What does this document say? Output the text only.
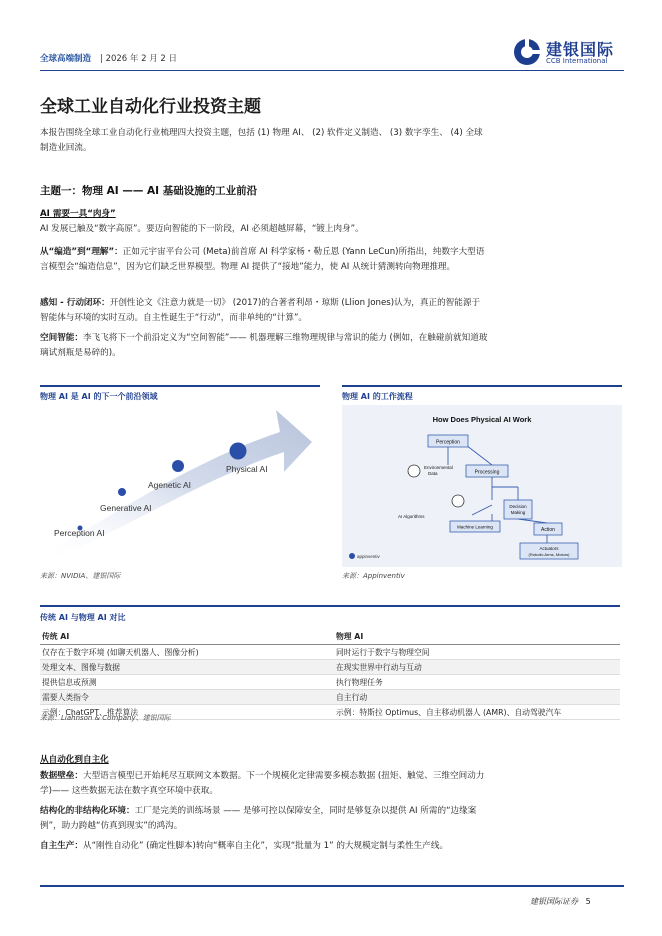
全球高端制造 | 2026 年 2 月 2 日	建银国际
CCB International
全球工业自动化行业投资主题
本报告围绕全球工业自动化行业梳理四大投资主题，包括 (1) 物理 AI、 (2) 软件定义制造、 (3) 数字孪生、 (4) 全球制造业回流。
主题一：物理 AI —— AI 基础设施的工业前沿
AI 需要一具“肉身”
AI 发展已触及“数字高原”。要迈向智能的下一阶段，AI 必须超越屏幕，“镀上肉身”。
从“编造”到“理解”：正如元宇宙平台公司 (Meta)前首席 AI 科学家杨・勒丘恩 (Yann LeCun)所指出，纯数字大型语言模型会“编造信息”，因为它们缺乏世界模型。物理 AI 提供了“接地”能力，使 AI 从统计猜测转向物理推理。
感知 - 行动闭环：开创性论文《注意力就是一切》 (2017)的合著者利昂・琼斯 (Llion Jones)认为，真正的智能源于智能体与环境的实时互动。自主性诞生于“行动”，而非单纯的“计算”。
空间智能：李飞飞将下一个前沿定义为“空间智能”—— 机器理解三维物理规律与常识的能力 (例如，在触碰前就知道玻璃试剂瓶是易碎的)。
物理 AI 是 AI 的下一个前沿领域
Perception AI
Generative AI
Agenetic AI
Physical AI
来源：NVIDIA、建银国际
物理 AI 的工作流程
How Does Physical AI Work
Perception
Environmental
Data	Processing
AI Algorithms
Decision
Making
Machine Learning	Action
Actuators
(Robotic Arms, Motors)
appinventiv
来源：Appinventiv
传统 AI 与物理 AI 对比
传统 AI	物理 AI
仅存在于数字环境 (如聊天机器人、图像分析)	同时运行于数字与物理空间
处理文本、图像与数据	在现实世界中行动与互动
提供信息或预测	执行物理任务
需要人类指令	自主行动
示例：ChatGPT、推荐算法	示例：特斯拉 Optimus、自主移动机器人 (AMR)、自动驾驶汽车
来源：Liahnson & Company、建银国际
从自动化到自主化
数据壁垒：大型语言模型已开始耗尽互联网文本数据。下一个规模化定律需要多模态数据 (扭矩、触觉、三维空间动力学)—— 这些数据无法在数字真空环境中获取。
结构化的非结构化环境：工厂是完美的训练场景 —— 是够可控以保障安全，同时是够复杂以提供 AI 所需的“边缘案例”，助力跨越“仿真到现实”的鸿沟。
自主生产：从“刚性自动化” (确定性脚本)转向“概率自主化”，实现“批量为 1” 的大规模定制与柔性生产线。
建银国际证券 5
